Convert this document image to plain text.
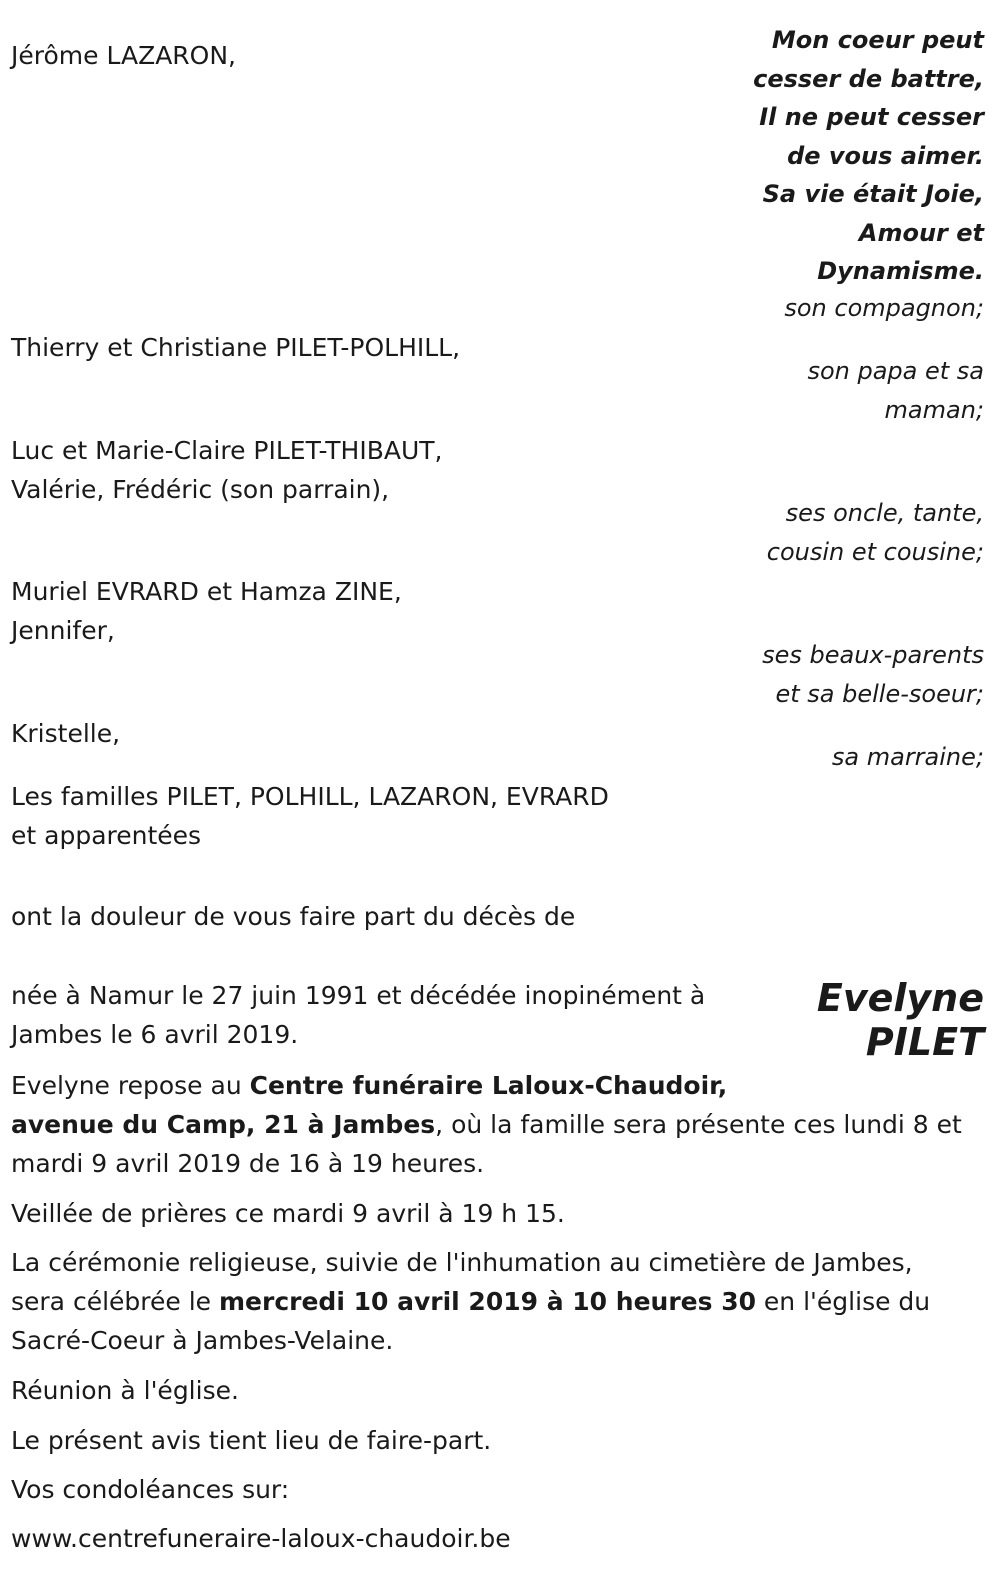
Mon coeur peut
cesser de battre,
Il ne peut cesser
de vous aimer.
Sa vie était Joie,
Amour et
Dynamisme.
Jérôme LAZARON,
son compagnon;
Thierry et Christiane PILET-POLHILL,
son papa et sa
maman;
Luc et Marie-Claire PILET-THIBAUT,
Valérie, Frédéric (son parrain),
ses oncle, tante,
cousin et cousine;
Muriel EVRARD et Hamza ZINE,
Jennifer,
ses beaux-parents
et sa belle-soeur;
Kristelle,
sa marraine;
Les familles PILET, POLHILL, LAZARON, EVRARD
et apparentées
ont la douleur de vous faire part du décès de
Evelyne
PILET
née à Namur le 27 juin 1991 et décédée inopinément à
Jambes le 6 avril 2019.
Evelyne repose au Centre funéraire Laloux-Chaudoir,
avenue du Camp, 21 à Jambes, où la famille sera présente ces lundi 8 et
mardi 9 avril 2019 de 16 à 19 heures.
Veillée de prières ce mardi 9 avril à 19 h 15.
La cérémonie religieuse, suivie de l'inhumation au cimetière de Jambes,
sera célébrée le mercredi 10 avril 2019 à 10 heures 30 en l'église du
Sacré-Coeur à Jambes-Velaine.
Réunion à l'église.
Le présent avis tient lieu de faire-part.
Vos condoléances sur:
www.centrefuneraire-laloux-chaudoir.be
